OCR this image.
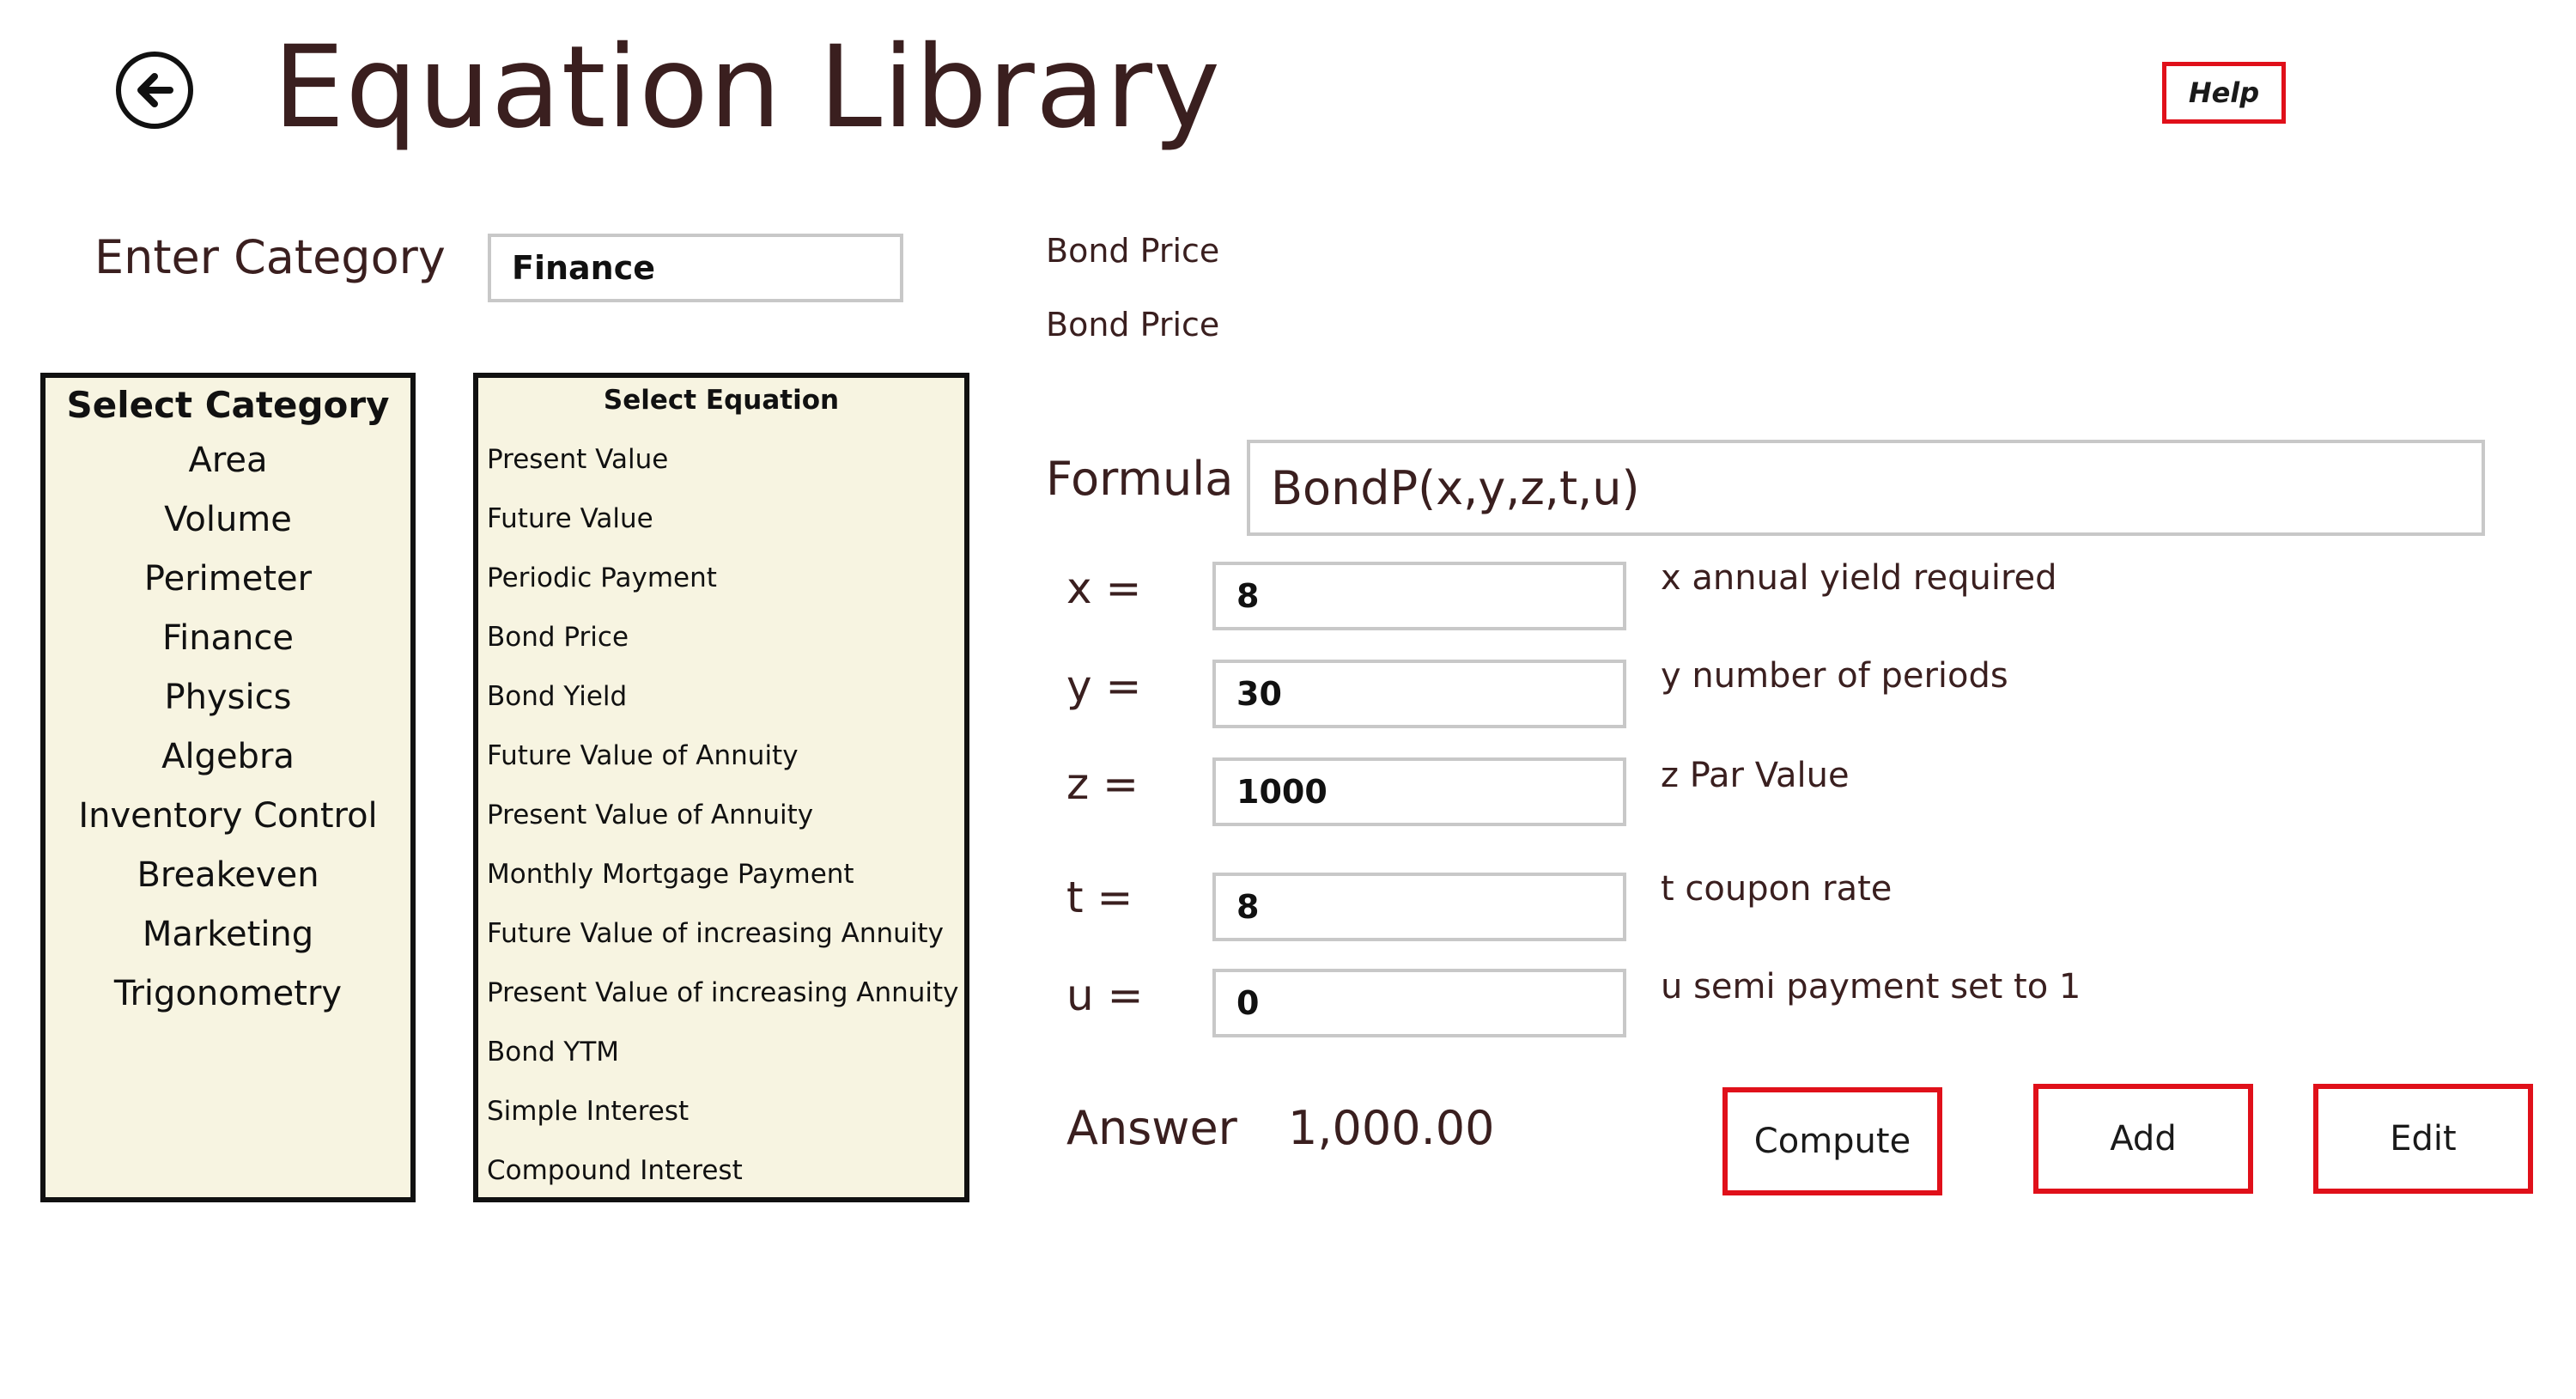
Equation Library	Help
Enter Category
Finance
Select Category
Area
Volume
Perimeter
Finance
Physics
Algebra
Inventory Control
Breakeven
Marketing
Trigonometry
Select Equation
Present Value
Future Value
Periodic Payment
Bond Price
Bond Yield
Future Value of Annuity
Present Value of Annuity
Monthly Mortgage Payment
Future Value of increasing Annuity
Present Value of increasing Annuity
Bond YTM
Simple Interest
Compound Interest
Bond Price
Bond Price
Formula BondP(x,y,z,t,u)
x =
8	x annual yield required
y =
30	y number of periods
z =
1000	z Par Value
t =
8	t coupon rate
u =
0	u semi payment set to 1
Answer 1,000.00	Compute	Add	Edit
